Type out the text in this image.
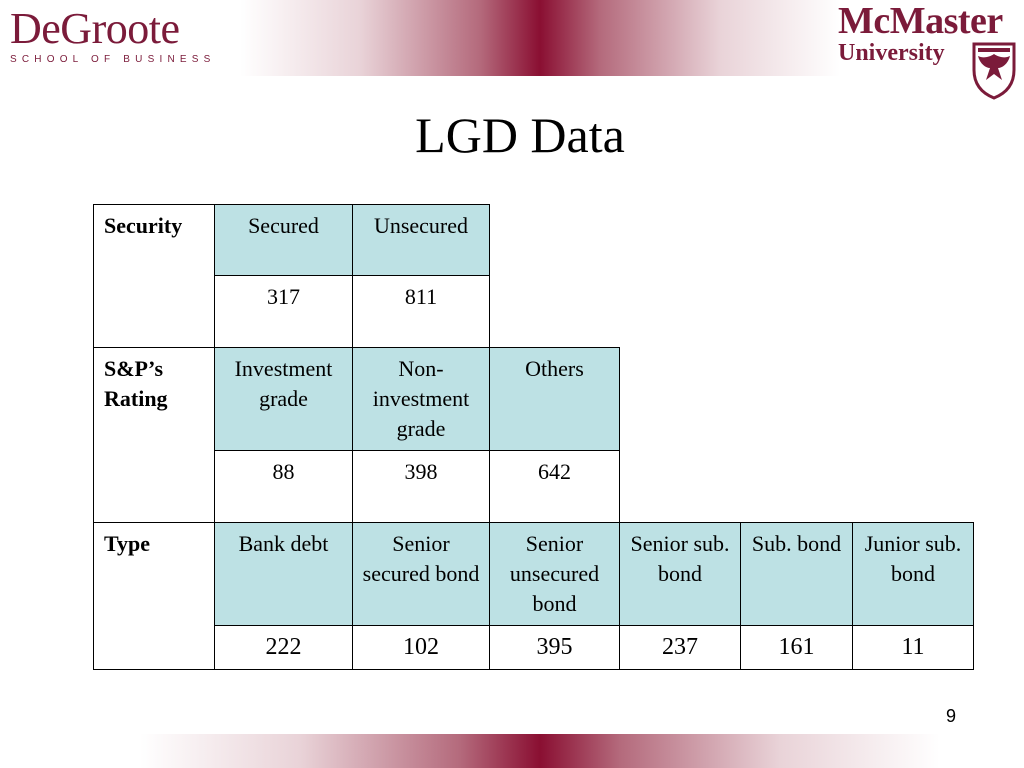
DeGroote
SCHOOL OF BUSINESS
McMaster
University
LGD Data
Security	Secured	Unsecured				
	317	811				
S&P’s Rating	Investment grade	Non-investment grade	Others			
	88	398	642			
Type	Bank debt	Senior secured bond	Senior unsecured bond	Senior sub. bond	Sub. bond	Junior sub. bond
	222	102	395	237	161	11
9
